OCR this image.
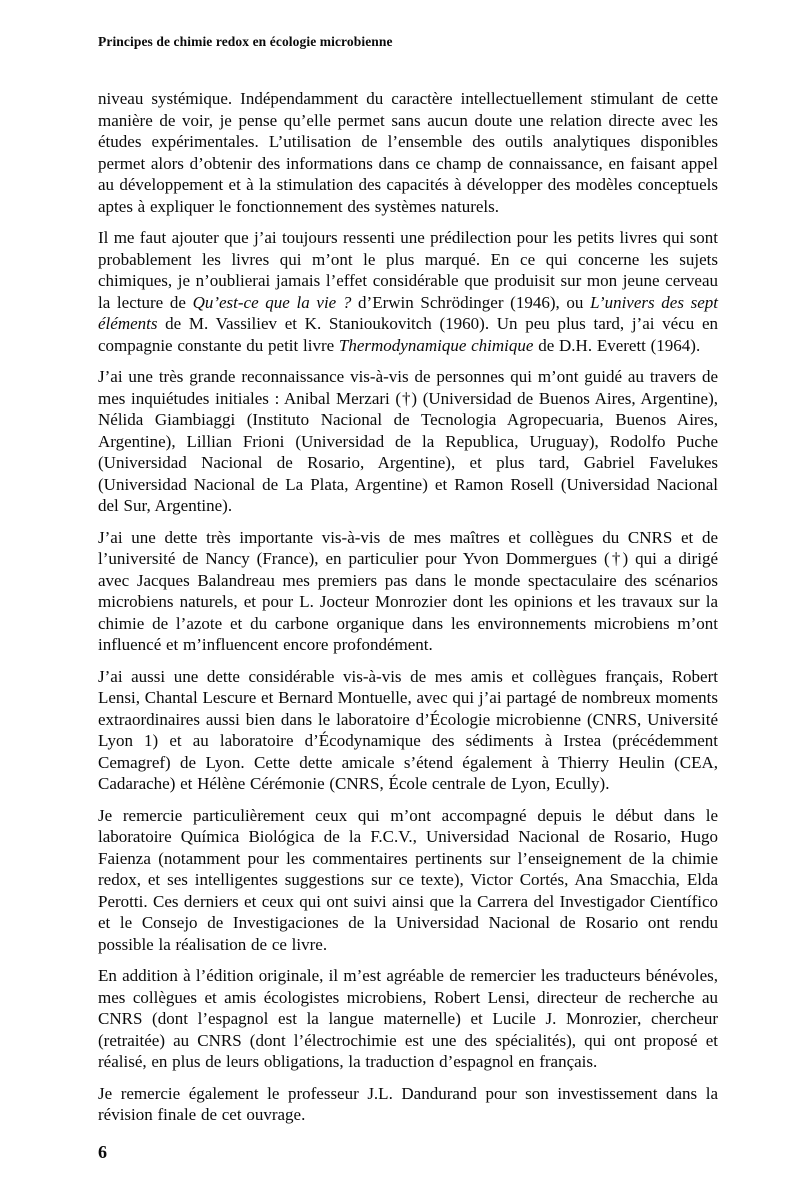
Principes de chimie redox en écologie microbienne

niveau systémique. Indépendamment du caractère intellectuellement stimulant de cette manière de voir, je pense qu’elle permet sans aucun doute une relation directe avec les études expérimentales. L’utilisation de l’ensemble des outils analytiques disponibles permet alors d’obtenir des informations dans ce champ de connaissance, en faisant appel au développement et à la stimulation des capacités à développer des modèles conceptuels aptes à expliquer le fonctionnement des systèmes naturels.

Il me faut ajouter que j’ai toujours ressenti une prédilection pour les petits livres qui sont probablement les livres qui m’ont le plus marqué. En ce qui concerne les sujets chimiques, je n’oublierai jamais l’effet considérable que produisit sur mon jeune cerveau la lecture de Qu’est-ce que la vie ? d’Erwin Schrödinger (1946), ou L’univers des sept éléments de M. Vassiliev et K. Stanioukovitch (1960). Un peu plus tard, j’ai vécu en compagnie constante du petit livre Thermodynamique chimique de D.H. Everett (1964).

J’ai une très grande reconnaissance vis-à-vis de personnes qui m’ont guidé au travers de mes inquiétudes initiales : Anibal Merzari (†) (Universidad de Buenos Aires, Argentine), Nélida Giambiaggi (Instituto Nacional de Tecnologia Agropecuaria, Buenos Aires, Argentine), Lillian Frioni (Universidad de la Republica, Uruguay), Rodolfo Puche (Universidad Nacional de Rosario, Argentine), et plus tard, Gabriel Favelukes (Universidad Nacional de La Plata, Argentine) et Ramon Rosell (Universidad Nacional del Sur, Argentine).

J’ai une dette très importante vis-à-vis de mes maîtres et collègues du CNRS et de l’université de Nancy (France), en particulier pour Yvon Dommergues (†) qui a dirigé avec Jacques Balandreau mes premiers pas dans le monde spectaculaire des scénarios microbiens naturels, et pour L. Jocteur Monrozier dont les opinions et les travaux sur la chimie de l’azote et du carbone organique dans les environnements microbiens m’ont influencé et m’influencent encore profondément.

J’ai aussi une dette considérable vis-à-vis de mes amis et collègues français, Robert Lensi, Chantal Lescure et Bernard Montuelle, avec qui j’ai partagé de nombreux moments extraordinaires aussi bien dans le laboratoire d’Écologie microbienne (CNRS, Université Lyon 1) et au laboratoire d’Écodynamique des sédiments à Irstea (précédemment Cemagref) de Lyon. Cette dette amicale s’étend également à Thierry Heulin (CEA, Cadarache) et Hélène Cérémonie (CNRS, École centrale de Lyon, Ecully).

Je remercie particulièrement ceux qui m’ont accompagné depuis le début dans le laboratoire Química Biológica de la F.C.V., Universidad Nacional de Rosario, Hugo Faienza (notamment pour les commentaires pertinents sur l’enseignement de la chimie redox, et ses intelligentes suggestions sur ce texte), Victor Cortés, Ana Smacchia, Elda Perotti. Ces derniers et ceux qui ont suivi ainsi que la Carrera del Investigador Científico et le Consejo de Investigaciones de la Universidad Nacional de Rosario ont rendu possible la réalisation de ce livre.

En addition à l’édition originale, il m’est agréable de remercier les traducteurs bénévoles, mes collègues et amis écologistes microbiens, Robert Lensi, directeur de recherche au CNRS (dont l’espagnol est la langue maternelle) et Lucile J. Monrozier, chercheur (retraitée) au CNRS (dont l’électrochimie est une des spécialités), qui ont proposé et réalisé, en plus de leurs obligations, la traduction d’espagnol en français.

Je remercie également le professeur J.L. Dandurand pour son investissement dans la révision finale de cet ouvrage.

6
